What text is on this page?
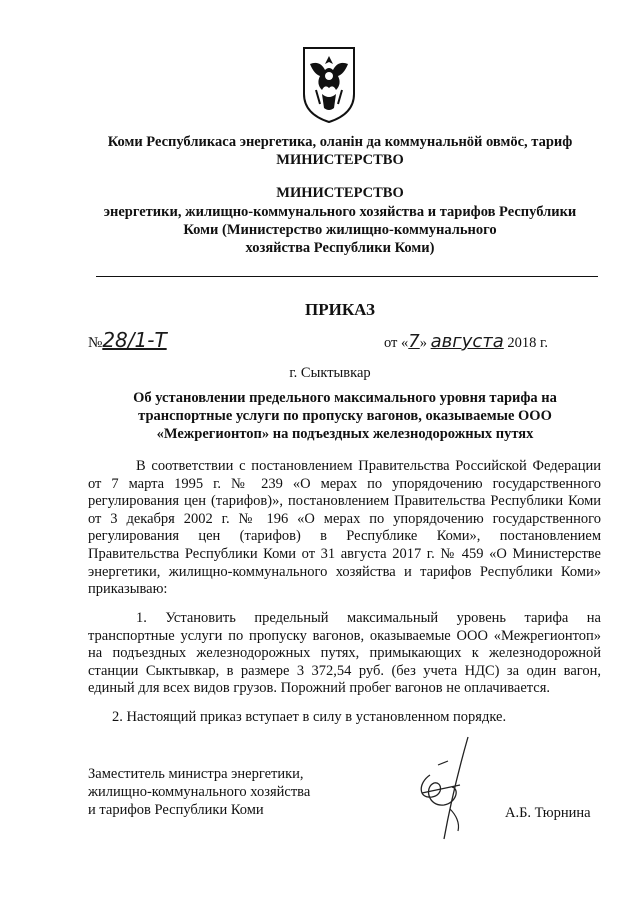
Коми Республикаса энергетика, оланін да коммунальнӧй овмӧс, тариф
МИНИСТЕРСТВО
МИНИСТЕРСТВО
энергетики, жилищно-коммунального хозяйства и тарифов Республики
Коми (Министерство жилищно-коммунального
хозяйства Республики Коми)
ПРИКАЗ
№28/1-Т	от «7» августа 2018 г.
г. Сыктывкар
Об установлении предельного максимального уровня тарифа на
транспортные услуги по пропуску вагонов, оказываемые ООО
«Межрегионтоп» на подъездных железнодорожных путях

В соответствии с постановлением Правительства Российской Федерации от 7 марта 1995 г. № 239 «О мерах по упорядочению государственного регулирования цен (тарифов)», постановлением Правительства Республики Коми от 3 декабря 2002 г. № 196 «О мерах по упорядочению государственного регулирования цен (тарифов) в Республике Коми», постановлением Правительства Республики Коми от 31 августа 2017 г. № 459 «О Министерстве энергетики, жилищно-коммунального хозяйства и тарифов Республики Коми» приказываю:

1. Установить предельный максимальный уровень тарифа на транспортные услуги по пропуску вагонов, оказываемые ООО «Межрегионтоп» на подъездных железнодорожных путях, примыкающих к железнодорожной станции Сыктывкар, в размере 3 372,54 руб. (без учета НДС) за один вагон, единый для всех видов грузов. Порожний пробег вагонов не оплачивается.

2. Настоящий приказ вступает в силу в установленном порядке.

Заместитель министра энергетики,
жилищно-коммунального хозяйства
и тарифов Республики Коми	А.Б. Тюрнина
